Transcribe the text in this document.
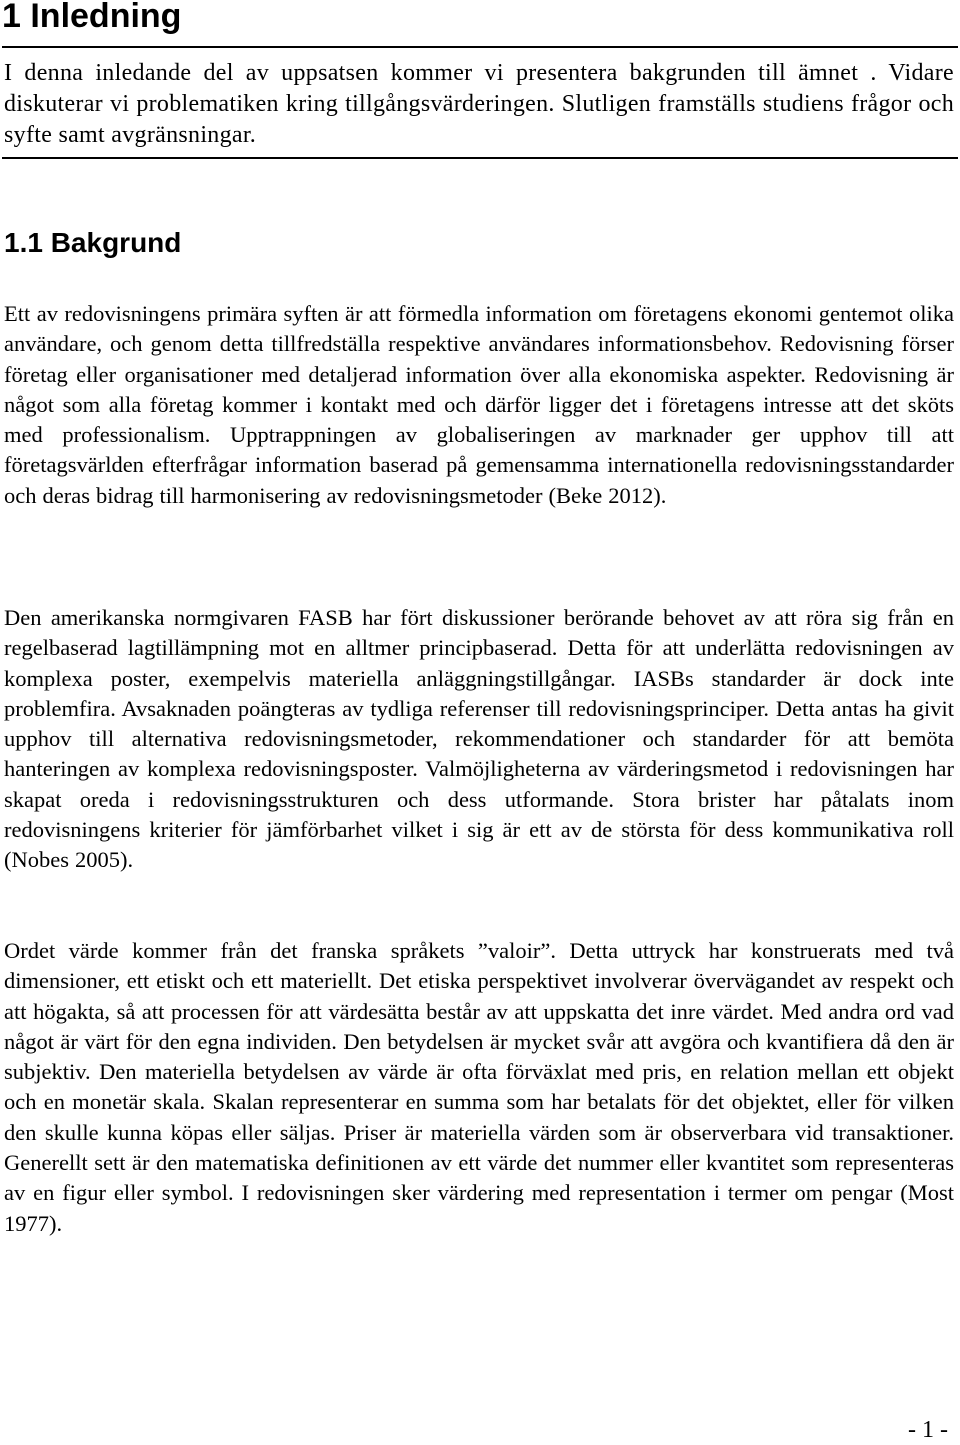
1 Inledning

I denna inledande del av uppsatsen kommer vi presentera bakgrunden till ämnet . Vidare diskuterar vi problematiken kring tillgångsvärderingen. Slutligen framställs studiens frågor och syfte samt avgränsningar.

1.1 Bakgrund

Ett av redovisningens primära syften är att förmedla information om företagens ekonomi gentemot olika användare, och genom detta tillfredställa respektive användares informationsbehov. Redovisning förser företag eller organisationer med detaljerad information över alla ekonomiska aspekter. Redovisning är något som alla företag kommer i kontakt med och därför ligger det i företagens intresse att det sköts med professionalism. Upptrappningen av globaliseringen av marknader ger upphov till att företagsvärlden efterfrågar information baserad på gemensamma internationella redovisningsstandarder och deras bidrag till harmonisering av redovisningsmetoder (Beke 2012).

Den amerikanska normgivaren FASB har fört diskussioner berörande behovet av att röra sig från en regelbaserad lagtillämpning mot en alltmer principbaserad. Detta för att underlätta redovisningen av komplexa poster, exempelvis materiella anläggningstillgångar. IASBs standarder är dock inte problemfira. Avsaknaden poängteras av tydliga referenser till redovisningsprinciper. Detta antas ha givit upphov till alternativa redovisningsmetoder, rekommendationer och standarder för att bemöta hanteringen av komplexa redovisningsposter. Valmöjligheterna av värderingsmetod i redovisningen har skapat oreda i redovisningsstrukturen och dess utformande. Stora brister har påtalats inom redovisningens kriterier för jämförbarhet vilket i sig är ett av de största för dess kommunikativa roll (Nobes 2005).

Ordet värde kommer från det franska språkets ”valoir”. Detta uttryck har konstruerats med två dimensioner, ett etiskt och ett materiellt. Det etiska perspektivet involverar övervägandet av respekt och att högakta, så att processen för att värdesätta består av att uppskatta det inre värdet. Med andra ord vad något är värt för den egna individen. Den betydelsen är mycket svår att avgöra och kvantifiera då den är subjektiv. Den materiella betydelsen av värde är ofta förväxlat med pris, en relation mellan ett objekt och en monetär skala. Skalan representerar en summa som har betalats för det objektet, eller för vilken den skulle kunna köpas eller säljas. Priser är materiella värden som är observerbara vid transaktioner. Generellt sett är den matematiska definitionen av ett värde det nummer eller kvantitet som representeras av en figur eller symbol. I redovisningen sker värdering med representation i termer om pengar (Most 1977).

- 1 -
